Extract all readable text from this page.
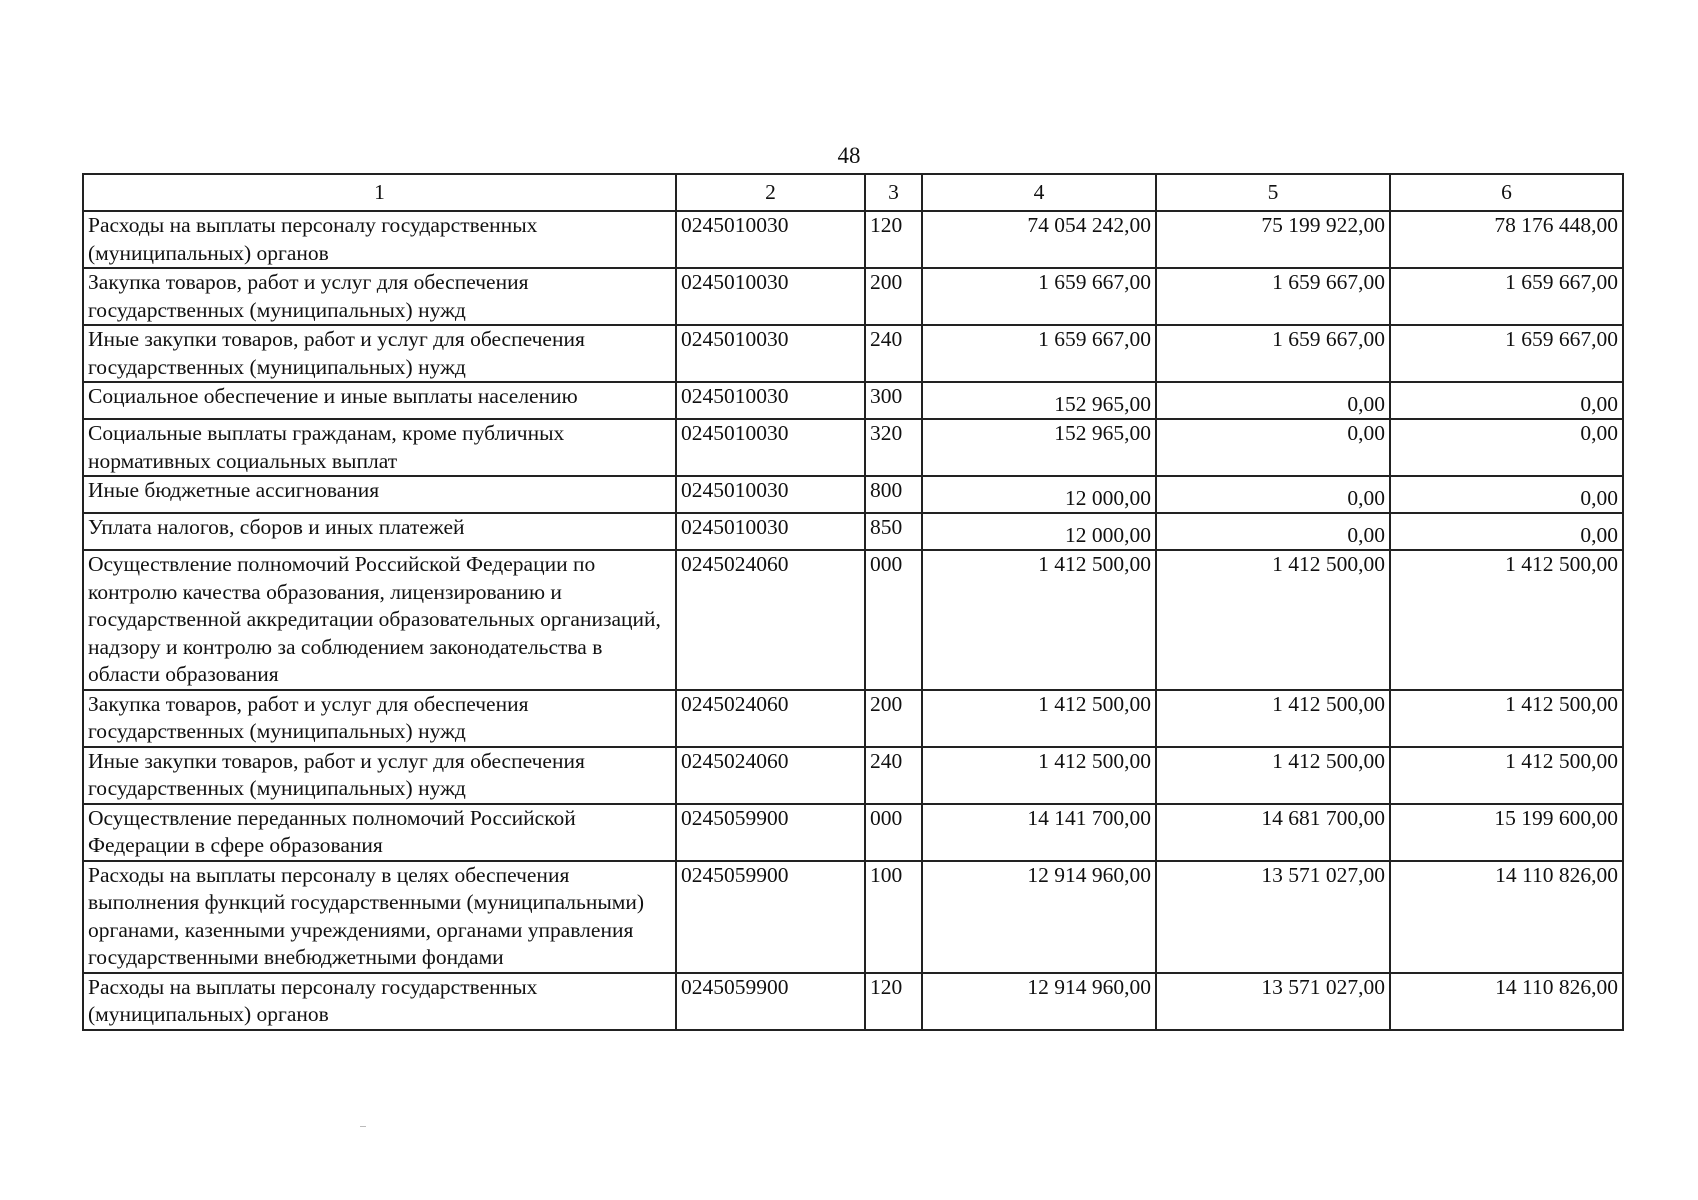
48
1	2	3	4	5	6
Расходы на выплаты персоналу государственных (муниципальных) органов	0245010030	120	74 054 242,00	75 199 922,00	78 176 448,00
Закупка товаров, работ и услуг для обеспечения государственных (муниципальных) нужд	0245010030	200	1 659 667,00	1 659 667,00	1 659 667,00
Иные закупки товаров, работ и услуг для обеспечения государственных (муниципальных) нужд	0245010030	240	1 659 667,00	1 659 667,00	1 659 667,00
Социальное обеспечение и иные выплаты населению	0245010030	300	152 965,00	0,00	0,00
Социальные выплаты гражданам, кроме публичных нормативных социальных выплат	0245010030	320	152 965,00	0,00	0,00
Иные бюджетные ассигнования	0245010030	800	12 000,00	0,00	0,00
Уплата налогов, сборов и иных платежей	0245010030	850	12 000,00	0,00	0,00
Осуществление полномочий Российской Федерации по контролю качества образования, лицензированию и государственной аккредитации образовательных организаций, надзору и контролю за соблюдением законодательства в области образования	0245024060	000	1 412 500,00	1 412 500,00	1 412 500,00
Закупка товаров, работ и услуг для обеспечения государственных (муниципальных) нужд	0245024060	200	1 412 500,00	1 412 500,00	1 412 500,00
Иные закупки товаров, работ и услуг для обеспечения государственных (муниципальных) нужд	0245024060	240	1 412 500,00	1 412 500,00	1 412 500,00
Осуществление переданных полномочий Российской Федерации в сфере образования	0245059900	000	14 141 700,00	14 681 700,00	15 199 600,00
Расходы на выплаты персоналу в целях обеспечения выполнения функций государственными (муниципальными) органами, казенными учреждениями, органами управления государственными внебюджетными фондами	0245059900	100	12 914 960,00	13 571 027,00	14 110 826,00
Расходы на выплаты персоналу государственных (муниципальных) органов	0245059900	120	12 914 960,00	13 571 027,00	14 110 826,00
